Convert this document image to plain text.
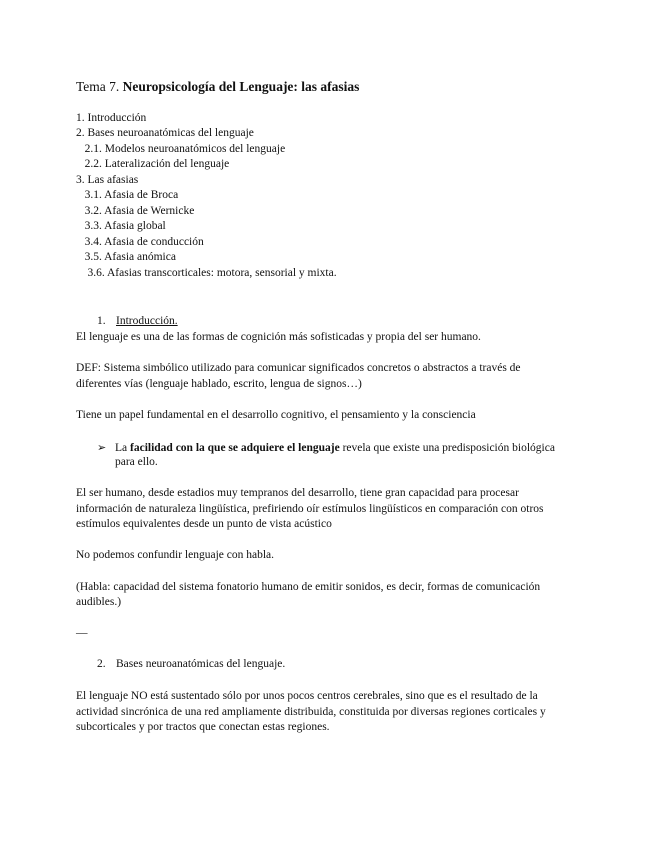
Tema 7. Neuropsicología del Lenguaje: las afasias
1. Introducción
2. Bases neuroanatómicas del lenguaje
2.1. Modelos neuroanatómicos del lenguaje
2.2. Lateralización del lenguaje
3. Las afasias
3.1. Afasia de Broca
3.2. Afasia de Wernicke
3.3. Afasia global
3.4. Afasia de conducción
3.5. Afasia anómica
3.6. Afasias transcorticales: motora, sensorial y mixta.
1. Introducción.
El lenguaje es una de las formas de cognición más sofisticadas y propia del ser humano.
DEF: Sistema simbólico utilizado para comunicar significados concretos o abstractos a través de
diferentes vías (lenguaje hablado, escrito, lengua de signos…)
Tiene un papel fundamental en el desarrollo cognitivo, el pensamiento y la consciencia
➢ La facilidad con la que se adquiere el lenguaje revela que existe una predisposición biológica
para ello.
El ser humano, desde estadios muy tempranos del desarrollo, tiene gran capacidad para procesar
información de naturaleza lingüística, prefiriendo oír estímulos lingüísticos en comparación con otros
estímulos equivalentes desde un punto de vista acústico
No podemos confundir lenguaje con habla.
(Habla: capacidad del sistema fonatorio humano de emitir sonidos, es decir, formas de comunicación
audibles.)
—
2. Bases neuroanatómicas del lenguaje.
El lenguaje NO está sustentado sólo por unos pocos centros cerebrales, sino que es el resultado de la
actividad sincrónica de una red ampliamente distribuida, constituida por diversas regiones corticales y
subcorticales y por tractos que conectan estas regiones.
